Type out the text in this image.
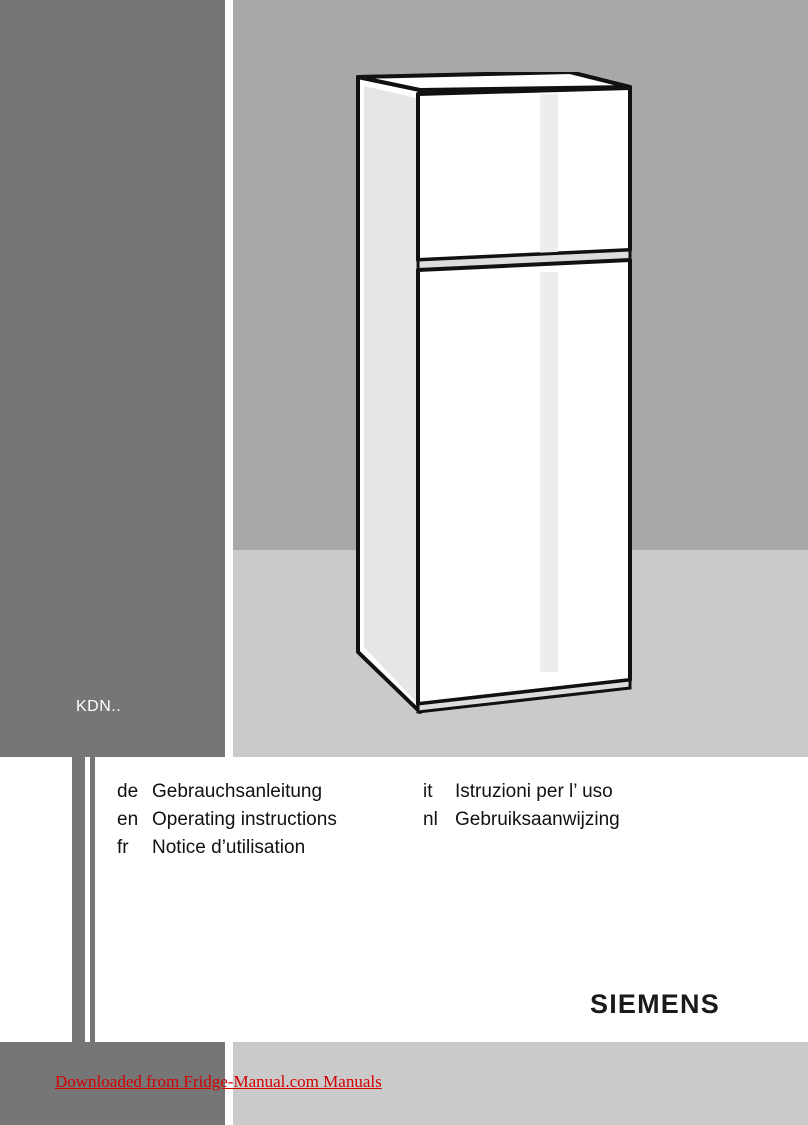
KDN..
de Gebrauchsanleitung
en Operating instructions
fr Notice d’utilisation
it Istruzioni per l’ uso
nl Gebruiksaanwijzing
SIEMENS
Downloaded from Fridge-Manual.com Manuals
